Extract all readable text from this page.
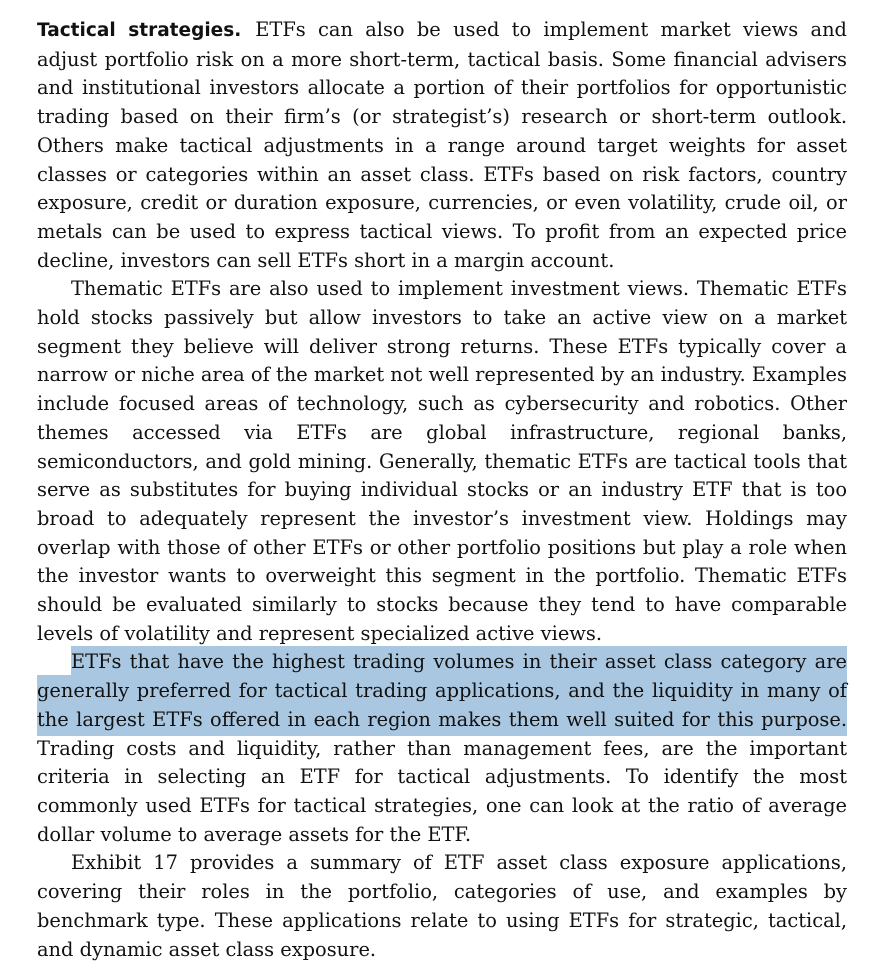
Tactical strategies. ETFs can also be used to implement market views and adjust portfolio risk on a more short-term, tactical basis. Some financial advisers and institutional investors allocate a portion of their portfolios for opportunistic trading based on their firm’s (or strategist’s) research or short-term outlook. Others make tactical adjustments in a range around target weights for asset classes or categories within an asset class. ETFs based on risk factors, country exposure, credit or duration exposure, currencies, or even volatility, crude oil, or metals can be used to express tactical views. To profit from an expected price decline, investors can sell ETFs short in a margin account.

Thematic ETFs are also used to implement investment views. Thematic ETFs hold stocks passively but allow investors to take an active view on a market segment they believe will deliver strong returns. These ETFs typically cover a narrow or niche area of the market not well represented by an industry. Examples include focused areas of technology, such as cybersecurity and robotics. Other themes accessed via ETFs are global infrastructure, regional banks, semiconductors, and gold mining. Generally, thematic ETFs are tactical tools that serve as substitutes for buying individual stocks or an industry ETF that is too broad to adequately represent the investor’s investment view. Holdings may overlap with those of other ETFs or other portfolio positions but play a role when the investor wants to overweight this segment in the portfolio. Thematic ETFs should be evaluated similarly to stocks because they tend to have comparable levels of volatility and represent specialized active views.

ETFs that have the highest trading volumes in their asset class category are generally preferred for tactical trading applications, and the liquidity in many of the largest ETFs offered in each region makes them well suited for this purpose. Trading costs and liquidity, rather than management fees, are the important criteria in selecting an ETF for tactical adjustments. To identify the most commonly used ETFs for tactical strategies, one can look at the ratio of average dollar volume to average assets for the ETF.

Exhibit 17 provides a summary of ETF asset class exposure applications, covering their roles in the portfolio, categories of use, and examples by benchmark type. These applications relate to using ETFs for strategic, tactical, and dynamic asset class exposure.
